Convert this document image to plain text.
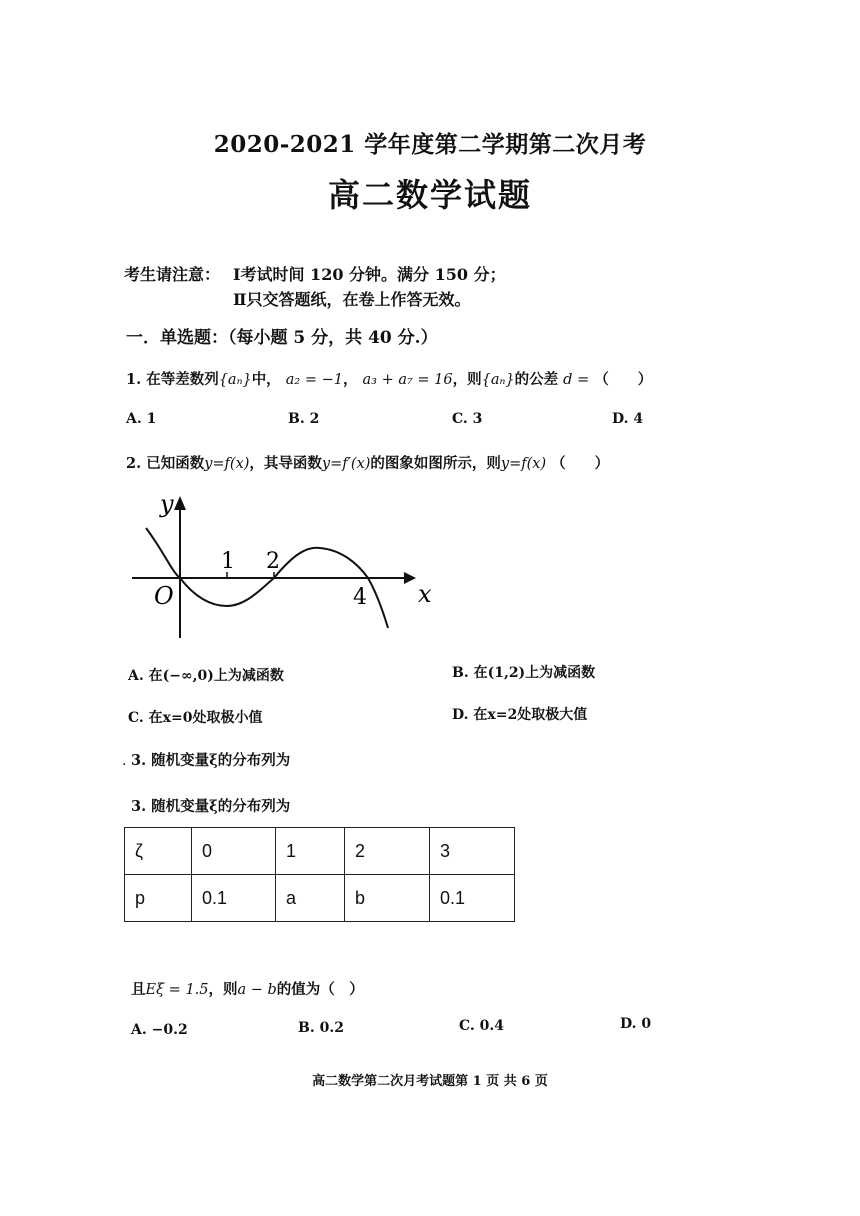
2020-2021 学年度第二学期第二次月考
高二数学试题
考生请注意： Ⅰ考试时间 120 分钟。满分 150 分；
Ⅱ只交答题纸，在卷上作答无效。
一．单选题：（每小题 5 分，共 40 分.）
1. 在等差数列{aₙ}中， a₂ = −1， a₃ + a₇ = 16，则{aₙ}的公差 d = （　　）
A. 1	B. 2	C. 3	D. 4
2. 已知函数y=f(x)，其导函数y=f′(x)的图象如图所示，则y=f(x) （　　）
y
x
O
1 2
4
A. 在(−∞,0)上为减函数	B. 在(1,2)上为减函数
C. 在x=0处取极小值	D. 在x=2处取极大值
· 3. 随机变量ξ的分布列为
3. 随机变量ξ的分布列为
ζ	0	1	2	3
p	0.1	a	b	0.1
且Eξ = 1.5，则a − b的值为（　）
A. −0.2	B. 0.2	C. 0.4	D. 0
高二数学第二次月考试题第 1 页 共 6 页
